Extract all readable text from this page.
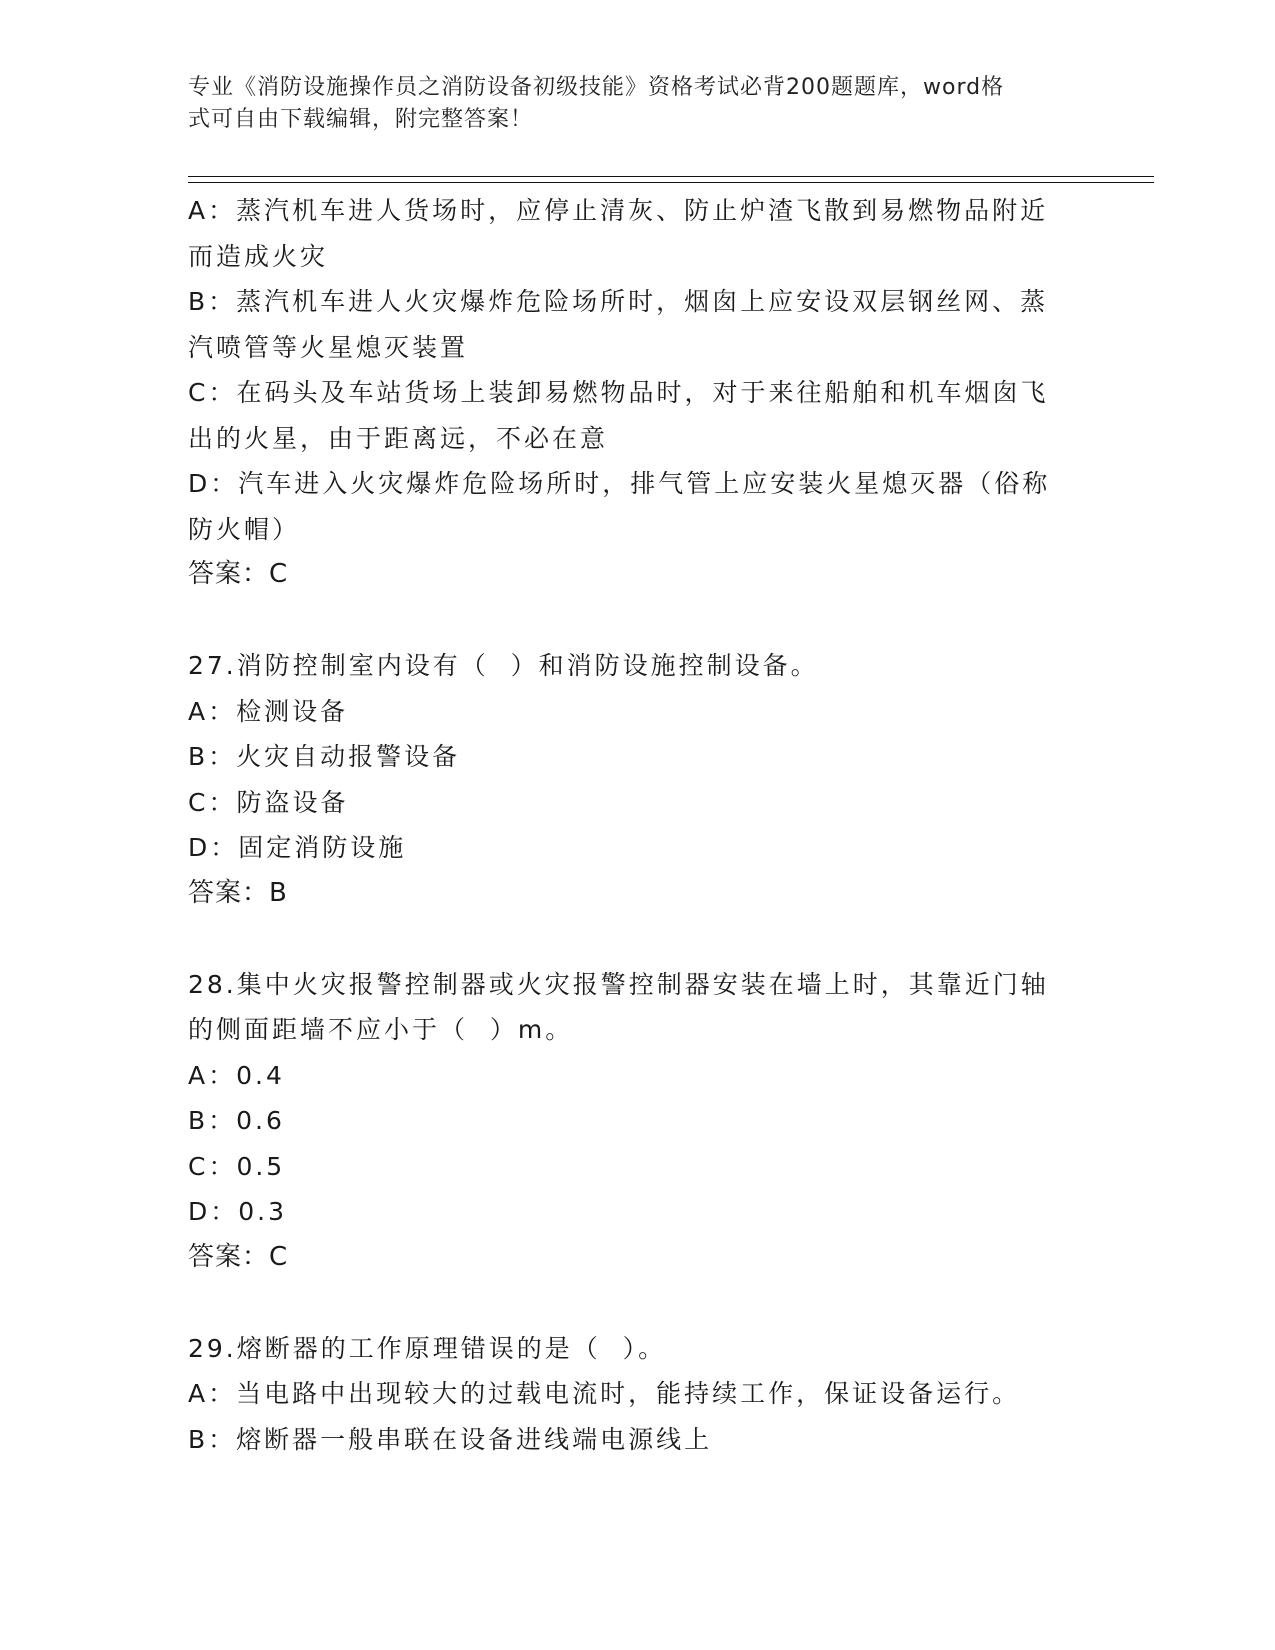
专业《消防设施操作员之消防设备初级技能》资格考试必背200题题库，word格
式可自由下载编辑，附完整答案！
A：蒸汽机车进人货场时，应停止清灰、防止炉渣飞散到易燃物品附近
而造成火灾
B：蒸汽机车进人火灾爆炸危险场所时，烟囱上应安设双层钢丝网、蒸
汽喷管等火星熄灭装置
C：在码头及车站货场上装卸易燃物品时，对于来往船舶和机车烟囱飞
出的火星，由于距离远，不必在意
D：汽车进入火灾爆炸危险场所时，排气管上应安装火星熄灭器（俗称
防火帽）
答案：C
27.消防控制室内设有（  ）和消防设施控制设备。
A：检测设备
B：火灾自动报警设备
C：防盗设备
D：固定消防设施
答案：B
28.集中火灾报警控制器或火灾报警控制器安装在墙上时，其靠近门轴
的侧面距墙不应小于（  ）m。
A：0.4
B：0.6
C：0.5
D：0.3
答案：C
29.熔断器的工作原理错误的是（  ）。
A：当电路中出现较大的过载电流时，能持续工作，保证设备运行。
B：熔断器一般串联在设备进线端电源线上
